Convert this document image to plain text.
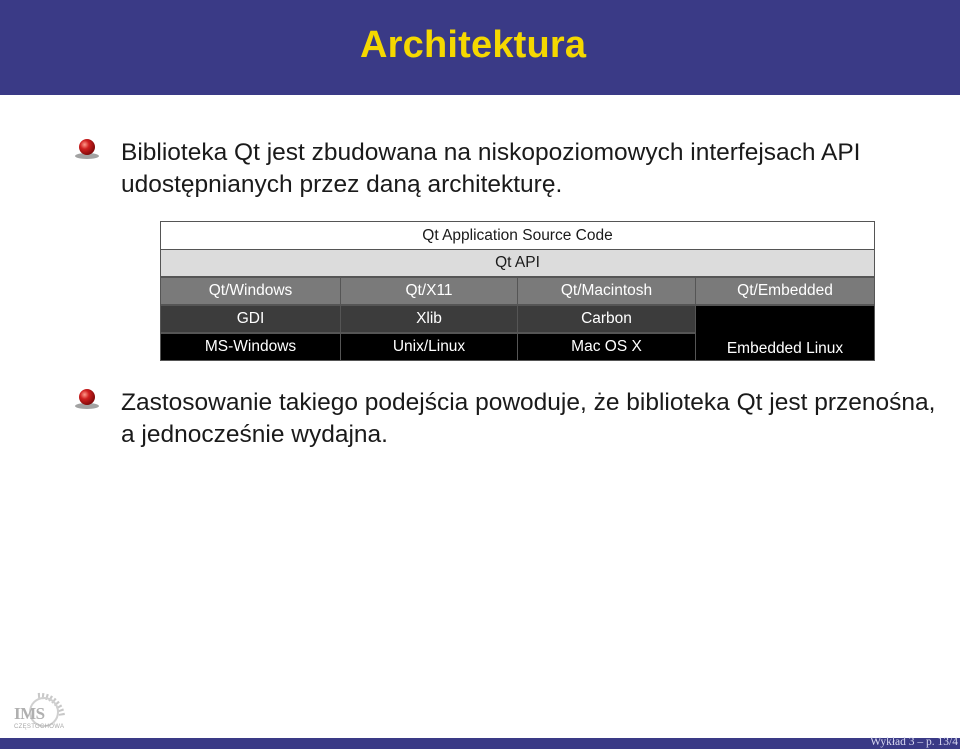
Architektura
Biblioteka Qt jest zbudowana na niskopoziomowych interfejsach API udostępnianych przez daną architekturę.
Qt Application Source Code
Qt API
Qt/Windows	Qt/X11	Qt/Macintosh	Qt/Embedded
GDI	Xlib	Carbon
MS-Windows	Unix/Linux	Mac OS X	Embedded Linux
Zastosowanie takiego podejścia powoduje, że biblioteka Qt jest przenośna, a jednocześnie wydajna.
IMS
CZĘSTOCHOWA
Wykład 3 – p. 13/4
